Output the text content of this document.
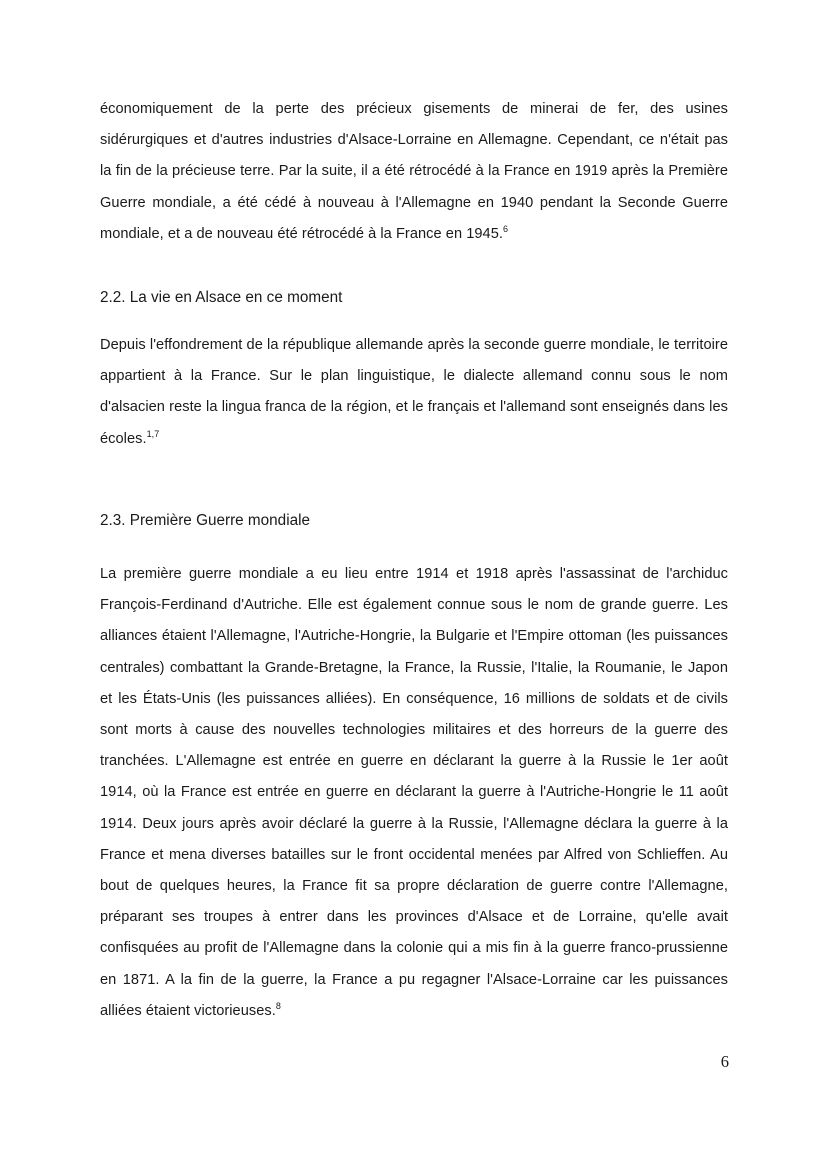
économiquement de la perte des précieux gisements de minerai de fer, des usines sidérurgiques et d'autres industries d'Alsace-Lorraine en Allemagne. Cependant, ce n'était pas la fin de la précieuse terre. Par la suite, il a été rétrocédé à la France en 1919 après la Première Guerre mondiale, a été cédé à nouveau à l'Allemagne en 1940 pendant la Seconde Guerre mondiale, et a de nouveau été rétrocédé à la France en 1945.$^6$

2.2. La vie en Alsace en ce moment

Depuis l'effondrement de la république allemande après la seconde guerre mondiale, le territoire appartient à la France. Sur le plan linguistique, le dialecte allemand connu sous le nom d'alsacien reste la lingua franca de la région, et le français et l'allemand sont enseignés dans les écoles.$^{1,7}$

2.3. Première Guerre mondiale

La première guerre mondiale a eu lieu entre 1914 et 1918 après l'assassinat de l'archiduc François-Ferdinand d'Autriche. Elle est également connue sous le nom de grande guerre. Les alliances étaient l'Allemagne, l'Autriche-Hongrie, la Bulgarie et l'Empire ottoman (les puissances centrales) combattant la Grande-Bretagne, la France, la Russie, l'Italie, la Roumanie, le Japon et les États-Unis (les puissances alliées). En conséquence, 16 millions de soldats et de civils sont morts à cause des nouvelles technologies militaires et des horreurs de la guerre des tranchées. L'Allemagne est entrée en guerre en déclarant la guerre à la Russie le 1er août 1914, où la France est entrée en guerre en déclarant la guerre à l'Autriche-Hongrie le 11 août 1914. Deux jours après avoir déclaré la guerre à la Russie, l'Allemagne déclara la guerre à la France et mena diverses batailles sur le front occidental menées par Alfred von Schlieffen. Au bout de quelques heures, la France fit sa propre déclaration de guerre contre l'Allemagne, préparant ses troupes à entrer dans les provinces d'Alsace et de Lorraine, qu'elle avait confisquées au profit de l'Allemagne dans la colonie qui a mis fin à la guerre franco-prussienne en 1871. A la fin de la guerre, la France a pu regagner l'Alsace-Lorraine car les puissances alliées étaient victorieuses.$^8$

6
